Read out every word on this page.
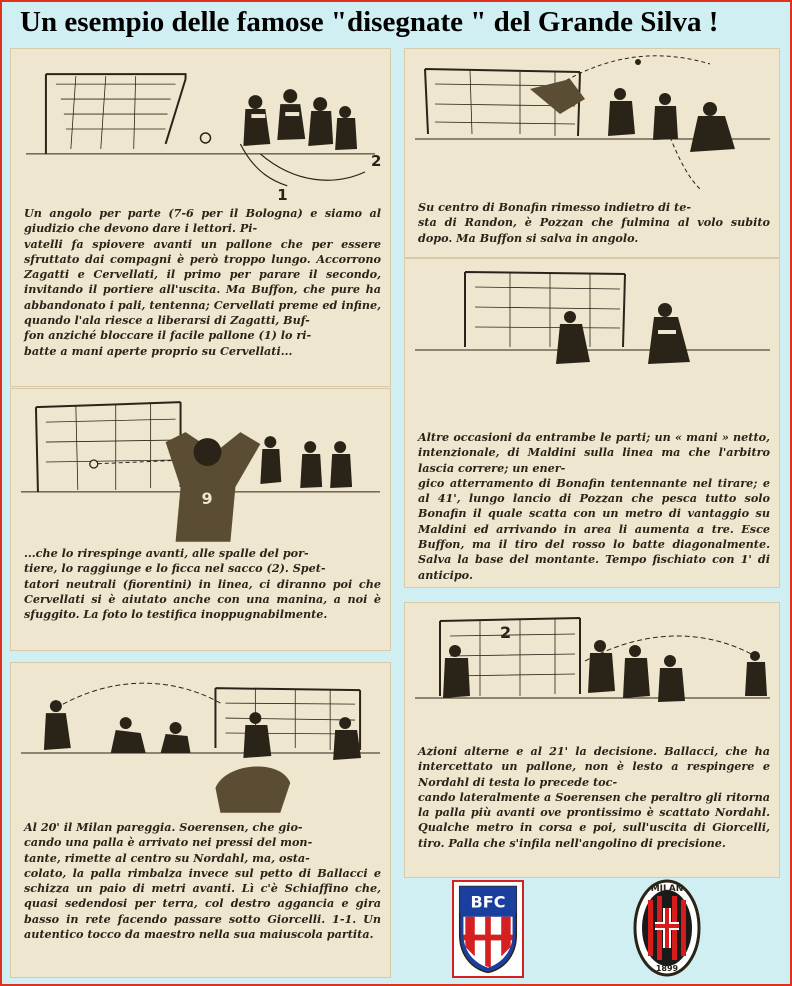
Un esempio delle famose "disegnate " del Grande Silva !
1
2

Un angolo per parte (7-6 per il Bologna) e siamo al giudizio che devono dare i lettori. Pi-
vatelli fa spiovere avanti un pallone che per essere sfruttato dai compagni è però troppo lungo. Accorrono Zagatti e Cervellati, il primo per parare il secondo, invitando il portiere all'uscita. Ma Buffon, che pure ha abbandonato i pali, tentenna; Cervellati preme ed infine, quando l'ala riesce a liberarsi di Zagatti, Buf-
fon anziché bloccare il facile pallone (1) lo ri-
batte a mani aperte proprio su Cervellati...

9

...che lo rirespinge avanti, alle spalle del por-
tiere, lo raggiunge e lo ficca nel sacco (2). Spet-
tatori neutrali (fiorentini) in linea, ci diranno poi che Cervellati si è aiutato anche con una manina, a noi è sfuggito. La foto lo testifica inoppugnabilmente.

Al 20' il Milan pareggia. Soerensen, che gio-
cando una palla è arrivato nei pressi del mon-
tante, rimette al centro su Nordahl, ma, osta-
colato, la palla rimbalza invece sul petto di Ballacci e schizza un paio di metri avanti. Lì c'è Schiaffino che, quasi sedendosi per terra, col destro aggancia e gira basso in rete facendo passare sotto Giorcelli. 1-1. Un autentico tocco da maestro nella sua maiuscola partita.

Su centro di Bonafin rimesso indietro di te-
sta di Randon, è Pozzan che fulmina al volo subito dopo. Ma Buffon si salva in angolo.

Altre occasioni da entrambe le parti; un « mani » netto, intenzionale, di Maldini sulla linea ma che l'arbitro lascia correre; un ener-
gico atterramento di Bonafin tentennante nel tirare; e al 41', lungo lancio di Pozzan che pesca tutto solo Bonafin il quale scatta con un metro di vantaggio su Maldini ed arrivando in area li aumenta a tre. Esce Buffon, ma il tiro del rosso lo batte diagonalmente. Salva la base del montante. Tempo fischiato con 1' di anticipo.

2

Azioni alterne e al 21' la decisione. Ballacci, che ha intercettato un pallone, non è lesto a respingere e Nordahl di testa lo precede toc-
cando lateralmente a Soerensen che peraltro gli ritorna la palla più avanti ove prontissimo è scattato Nordahl. Qualche metro in corsa e poi, sull'uscita di Giorcelli, tiro. Palla che s'infila nell'angolino di precisione.

BFC
MILAN
1899
